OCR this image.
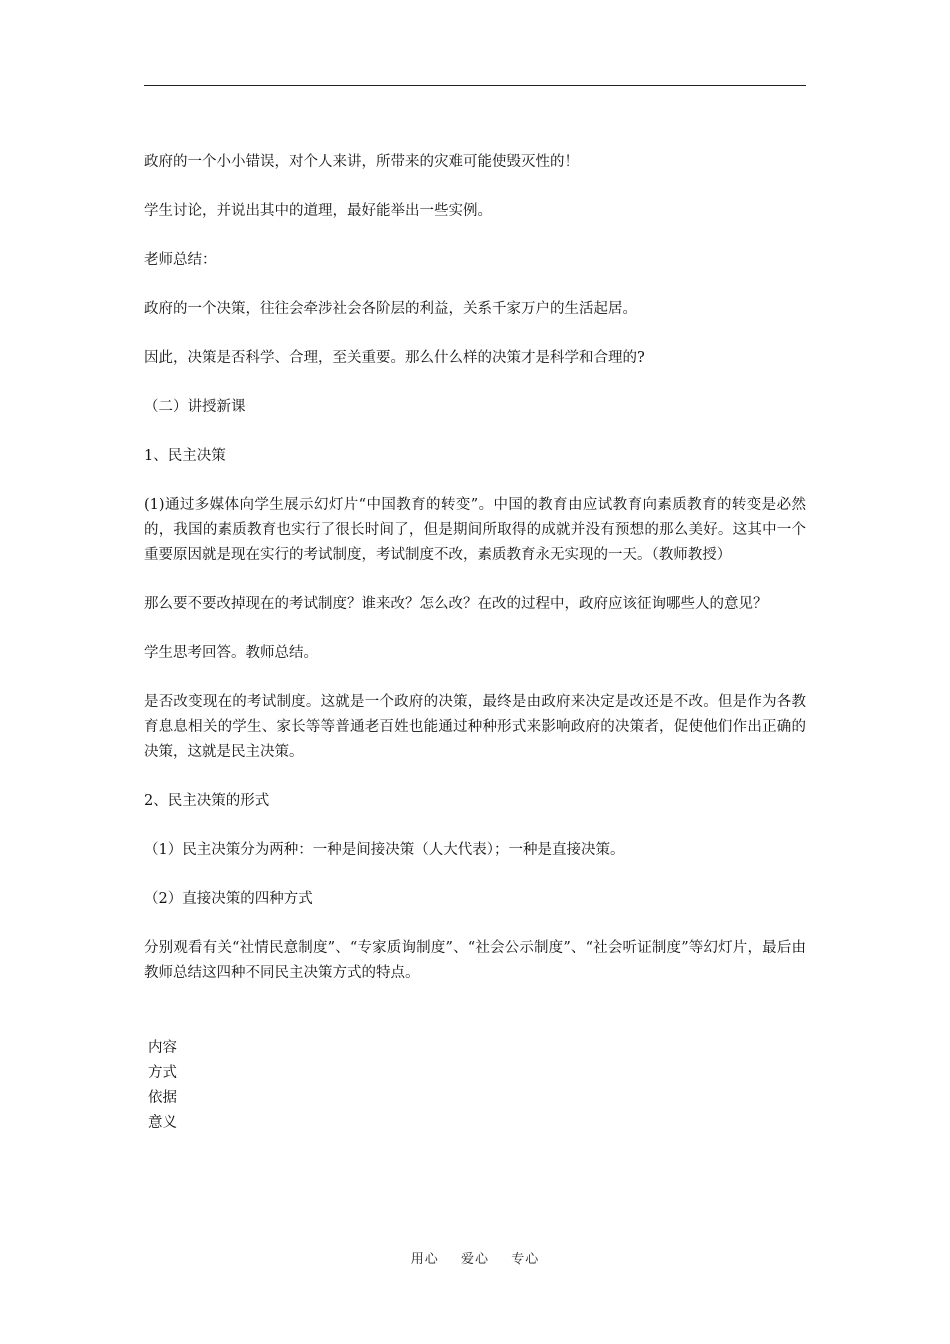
政府的一个小小错误，对个人来讲，所带来的灾难可能使毁灭性的！

学生讨论，并说出其中的道理，最好能举出一些实例。

老师总结：

政府的一个决策，往往会牵涉社会各阶层的利益，关系千家万户的生活起居。

因此，决策是否科学、合理，至关重要。那么什么样的决策才是科学和合理的?

（二）讲授新课

1、民主决策

(1)通过多媒体向学生展示幻灯片“中国教育的转变”。中国的教育由应试教育向素质教育的转变是必然的，我国的素质教育也实行了很长时间了，但是期间所取得的成就并没有预想的那么美好。这其中一个重要原因就是现在实行的考试制度，考试制度不改，素质教育永无实现的一天。（教师教授）

那么要不要改掉现在的考试制度？谁来改？怎么改？在改的过程中，政府应该征询哪些人的意见？

学生思考回答。教师总结。

是否改变现在的考试制度。这就是一个政府的决策，最终是由政府来决定是改还是不改。但是作为各教育息息相关的学生、家长等等普通老百姓也能通过种种形式来影响政府的决策者，促使他们作出正确的决策，这就是民主决策。

2、民主决策的形式

（1）民主决策分为两种：一种是间接决策（人大代表）；一种是直接决策。

（2）直接决策的四种方式

分别观看有关“社情民意制度”、“专家质询制度”、“社会公示制度”、“社会听证制度”等幻灯片，最后由教师总结这四种不同民主决策方式的特点。

内容

方式

依据

意义

用心  爱心  专心
